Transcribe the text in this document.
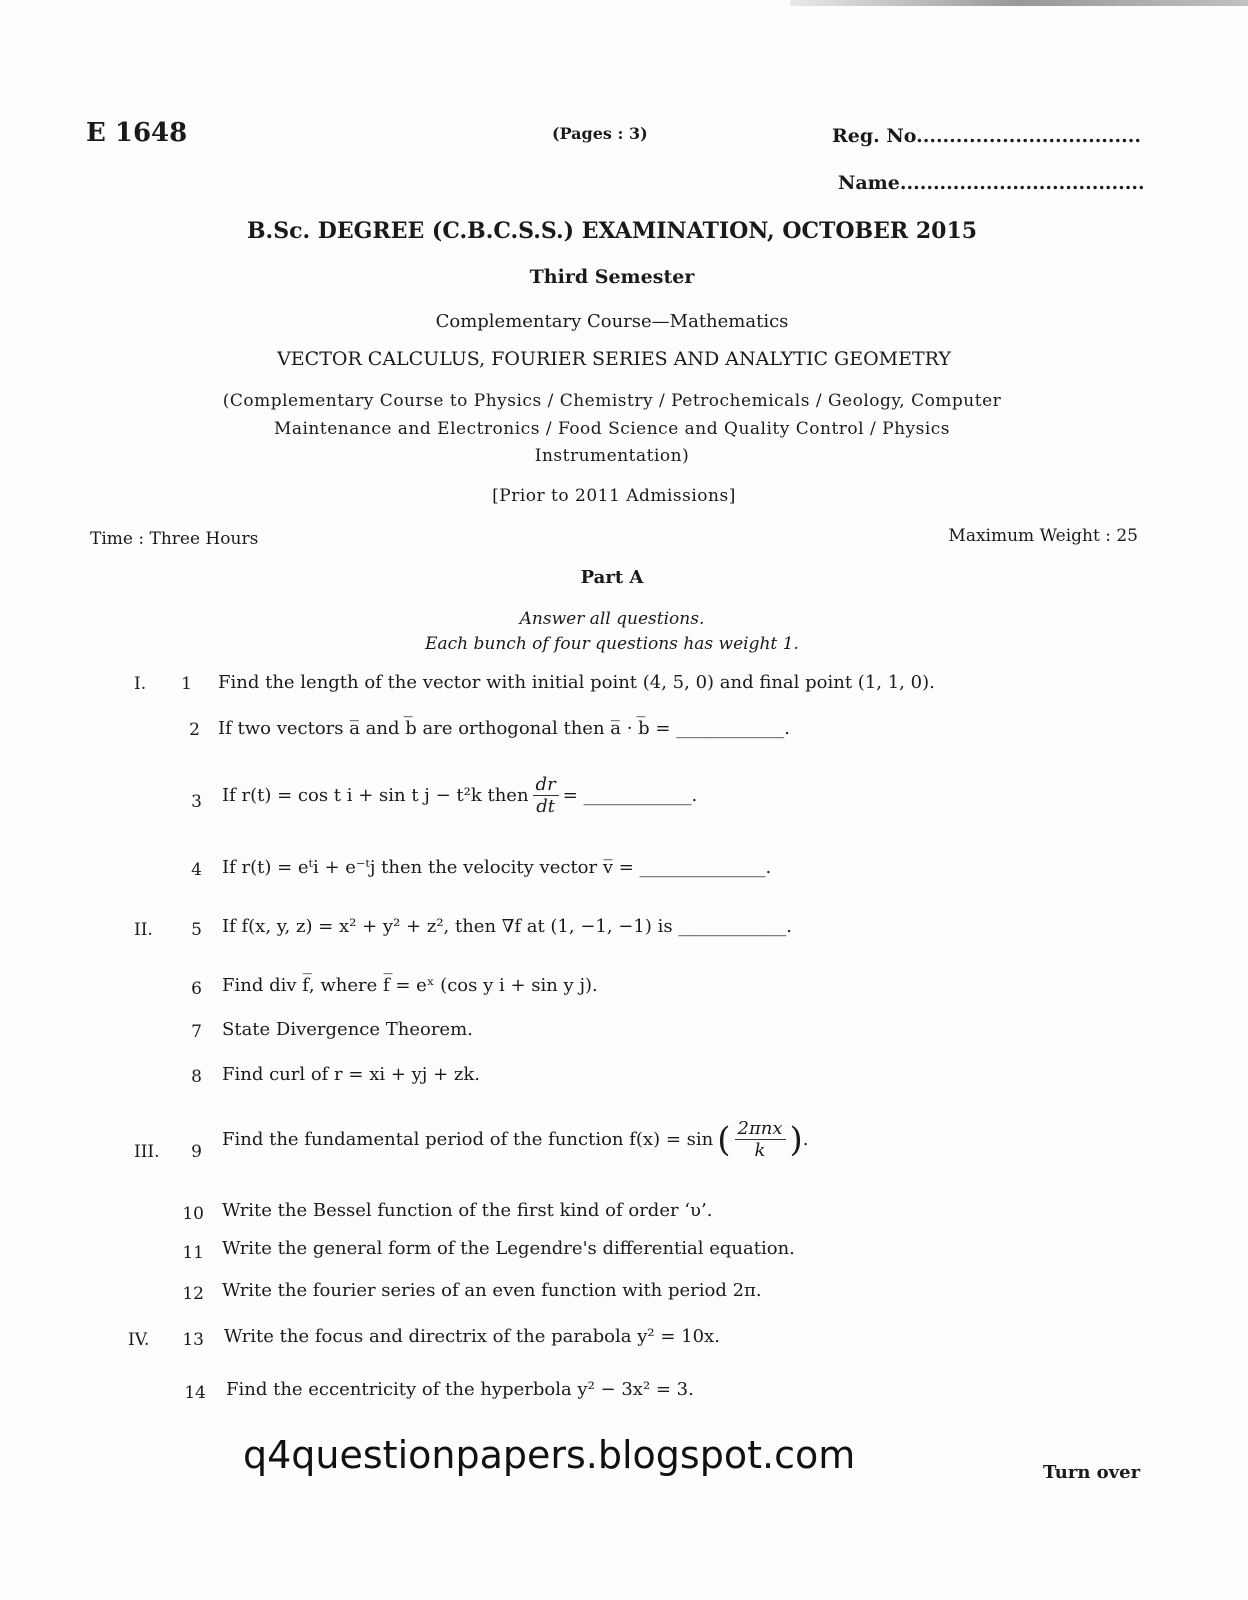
E 1648	(Pages : 3)	Reg. No..................................
Name.....................................
B.Sc. DEGREE (C.B.C.S.S.) EXAMINATION, OCTOBER 2015
Third Semester
Complementary Course—Mathematics
VECTOR CALCULUS, FOURIER SERIES AND ANALYTIC GEOMETRY
(Complementary Course to Physics / Chemistry / Petrochemicals / Geology, Computer
Maintenance and Electronics / Food Science and Quality Control / Physics
Instrumentation)
[Prior to 2011 Admissions]
Time : Three Hours	Maximum Weight : 25
Part A
Answer all questions.
Each bunch of four questions has weight 1.
I.	1 Find the length of the vector with initial point (4, 5, 0) and final point (1, 1, 0).
2 If two vectors a̅ and b̅ are orthogonal then a̅ · b̅ = ____________.
3 If r(t) = cos t i + sin t j − t²k then $\frac{dr}{dt}$ = ____________.
4 If r(t) = eᵗi + e⁻ᵗj then the velocity vector v̅ = ______________.
II.	5 If f(x, y, z) = x² + y² + z², then ∇f at (1, −1, −1) is ____________.
6 Find div f̅, where f̅ = eˣ (cos y i + sin y j).
7 State Divergence Theorem.
8 Find curl of r = xi + yj + zk.
III.	9
Find the fundamental period of the function f(x) = sin ( $\frac{\text{2πnx}}{k}$ ) .
10 Write the Bessel function of the first kind of order ‘υ’.
11 Write the general form of the Legendre's differential equation.
12 Write the fourier series of an even function with period 2π.
IV.	13 Write the focus and directrix of the parabola y² = 10x.
14 Find the eccentricity of the hyperbola y² − 3x² = 3.
q4questionpapers.blogspot.com	Turn over
